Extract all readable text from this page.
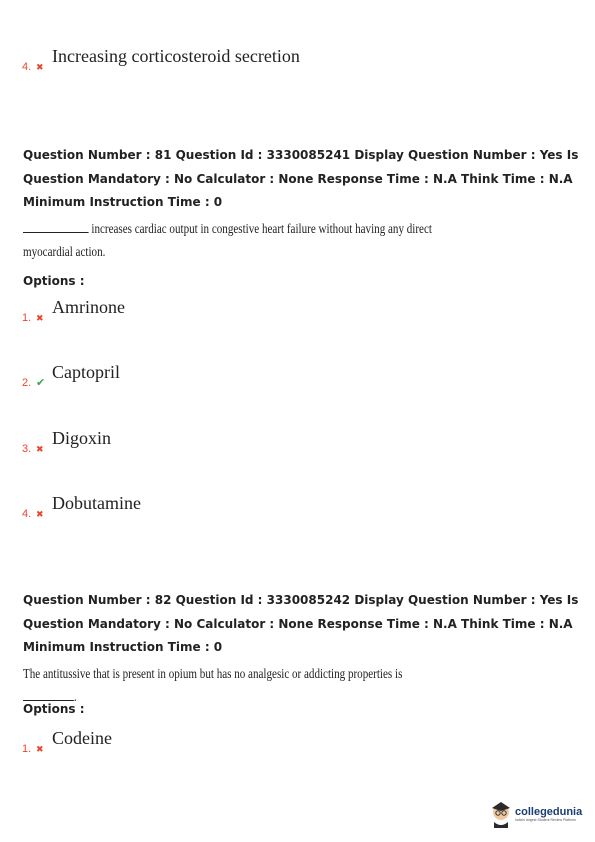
4. ✖
Increasing corticosteroid secretion
Question Number : 81 Question Id : 3330085241 Display Question Number : Yes Is Question Mandatory : No Calculator : None Response Time : N.A Think Time : N.A Minimum Instruction Time : 0
increases cardiac output in congestive heart failure without having any direct
myocardial action.
Options :
1. ✖
Amrinone
2. ✔
Captopril
3. ✖
Digoxin
4. ✖
Dobutamine
Question Number : 82 Question Id : 3330085242 Display Question Number : Yes Is Question Mandatory : No Calculator : None Response Time : N.A Think Time : N.A Minimum Instruction Time : 0
The antitussive that is present in opium but has no analgesic or addicting properties is .
Options :
1. ✖
Codeine
collegedunia
India's largest Student Review Platform
